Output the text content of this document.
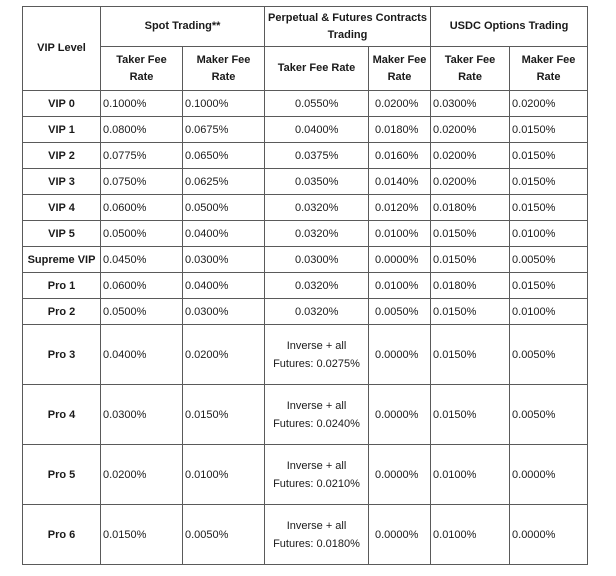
VIP Level	Spot Trading**		Perpetual & Futures Contracts Trading		USDC Options Trading	
	Taker Fee Rate	Maker Fee Rate	Taker Fee Rate	Maker Fee Rate	Taker Fee Rate	Maker Fee Rate
VIP 0	0.1000%	0.1000%	0.0550%	0.0200%	0.0300%	0.0200%
VIP 1	0.0800%	0.0675%	0.0400%	0.0180%	0.0200%	0.0150%
VIP 2	0.0775%	0.0650%	0.0375%	0.0160%	0.0200%	0.0150%
VIP 3	0.0750%	0.0625%	0.0350%	0.0140%	0.0200%	0.0150%
VIP 4	0.0600%	0.0500%	0.0320%	0.0120%	0.0180%	0.0150%
VIP 5	0.0500%	0.0400%	0.0320%	0.0100%	0.0150%	0.0100%
Supreme VIP	0.0450%	0.0300%	0.0300%	0.0000%	0.0150%	0.0050%
Pro 1	0.0600%	0.0400%	0.0320%	0.0100%	0.0180%	0.0150%
Pro 2	0.0500%	0.0300%	0.0320%	0.0050%	0.0150%	0.0100%
Pro 3	0.0400%	0.0200%	Inverse + all
Futures: 0.0275%	0.0000%	0.0150%	0.0050%
Pro 4	0.0300%	0.0150%	Inverse + all
Futures: 0.0240%	0.0000%	0.0150%	0.0050%
Pro 5	0.0200%	0.0100%	Inverse + all
Futures: 0.0210%	0.0000%	0.0100%	0.0000%
Pro 6	0.0150%	0.0050%	Inverse + all
Futures: 0.0180%	0.0000%	0.0100%	0.0000%
